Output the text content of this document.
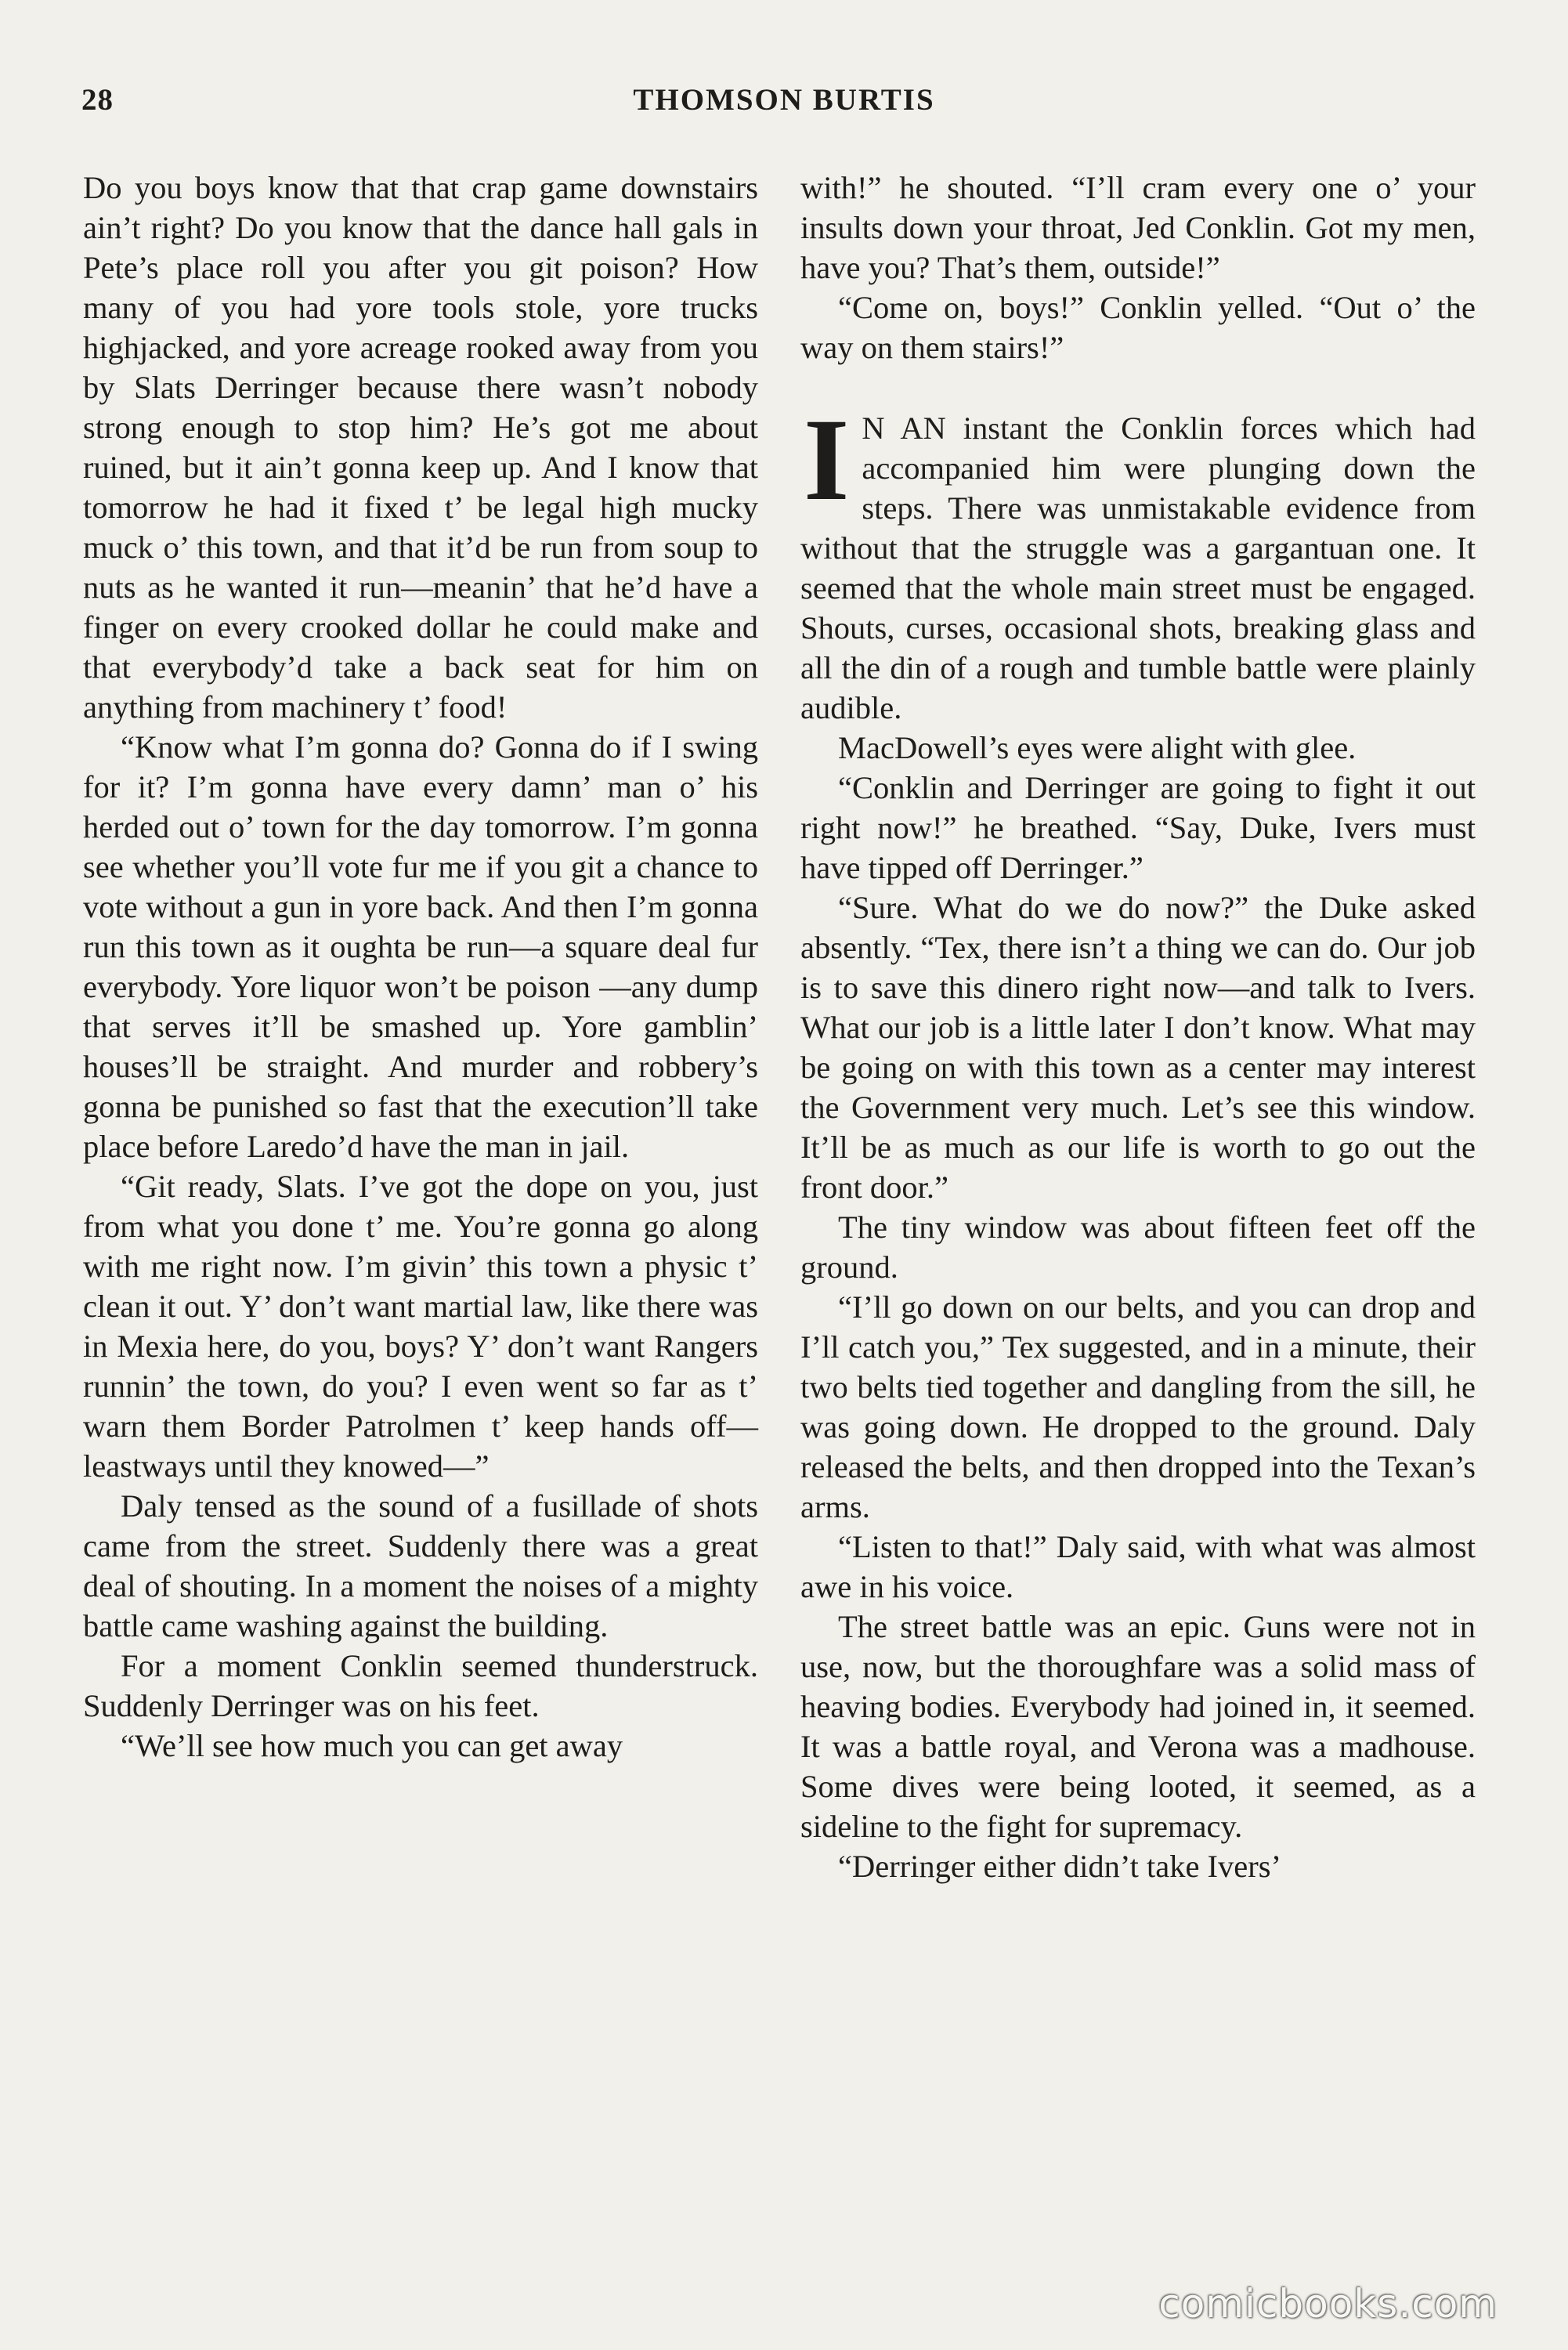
28	THOMSON BURTIS

Do you boys know that that crap game downstairs ain’t right? Do you know that the dance hall gals in Pete’s place roll you after you git poison? How many of you had yore tools stole, yore trucks highjacked, and yore acreage rooked away from you by Slats Derringer because there wasn’t nobody strong enough to stop him? He’s got me about ruined, but it ain’t gonna keep up. And I know that tomorrow he had it fixed t’ be legal high mucky muck o’ this town, and that it’d be run from soup to nuts as he wanted it run—meanin’ that he’d have a finger on every crooked dollar he could make and that everybody’d take a back seat for him on anything from machinery t’ food!

“Know what I’m gonna do? Gonna do if I swing for it? I’m gonna have every damn’ man o’ his herded out o’ town for the day tomorrow. I’m gonna see whether you’ll vote fur me if you git a chance to vote without a gun in yore back. And then I’m gonna run this town as it oughta be run—a square deal fur everybody. Yore liquor won’t be poison —any dump that serves it’ll be smashed up. Yore gamblin’ houses’ll be straight. And murder and robbery’s gonna be punished so fast that the execution’ll take place before Laredo’d have the man in jail.

“Git ready, Slats. I’ve got the dope on you, just from what you done t’ me. You’re gonna go along with me right now. I’m givin’ this town a physic t’ clean it out. Y’ don’t want martial law, like there was in Mexia here, do you, boys? Y’ don’t want Rangers runnin’ the town, do you? I even went so far as t’ warn them Border Patrolmen t’ keep hands off— leastways until they knowed—”

Daly tensed as the sound of a fusillade of shots came from the street. Suddenly there was a great deal of shouting. In a moment the noises of a mighty battle came washing against the building.

For a moment Conklin seemed thunderstruck. Suddenly Derringer was on his feet.

“We’ll see how much you can get away

with!” he shouted. “I’ll cram every one o’ your insults down your throat, Jed Conklin. Got my men, have you? That’s them, outside!”

“Come on, boys!” Conklin yelled. “Out o’ the way on them stairs!”

I N AN instant the Conklin forces which had accompanied him were plunging down the steps. There was unmistakable evidence from without that the struggle was a gargantuan one. It seemed that the whole main street must be engaged. Shouts, curses, occasional shots, breaking glass and all the din of a rough and tumble battle were plainly audible.

MacDowell’s eyes were alight with glee.

“Conklin and Derringer are going to fight it out right now!” he breathed. “Say, Duke, Ivers must have tipped off Derringer.”

“Sure. What do we do now?” the Duke asked absently. “Tex, there isn’t a thing we can do. Our job is to save this dinero right now—and talk to Ivers. What our job is a little later I don’t know. What may be going on with this town as a center may interest the Government very much. Let’s see this window. It’ll be as much as our life is worth to go out the front door.”

The tiny window was about fifteen feet off the ground.

“I’ll go down on our belts, and you can drop and I’ll catch you,” Tex suggested, and in a minute, their two belts tied together and dangling from the sill, he was going down. He dropped to the ground. Daly released the belts, and then dropped into the Texan’s arms.

“Listen to that!” Daly said, with what was almost awe in his voice.

The street battle was an epic. Guns were not in use, now, but the thoroughfare was a solid mass of heaving bodies. Everybody had joined in, it seemed. It was a battle royal, and Verona was a madhouse. Some dives were being looted, it seemed, as a sideline to the fight for supremacy.

“Derringer either didn’t take Ivers’

comicbooks.com
